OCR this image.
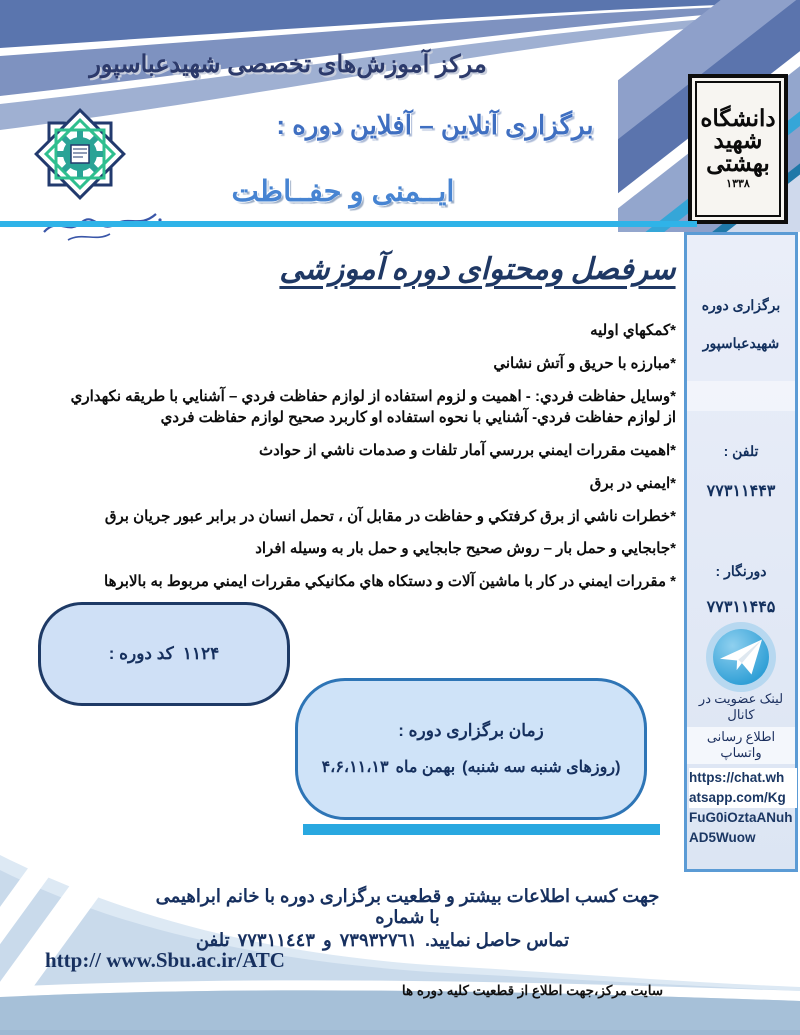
دانشگاه
شهید
بهشتی
۱۳۳۸
مرکز آموزش‌های تخصصی شهیدعباسپور
برگزاری آنلاین – آفلاین دوره :
ایــمنی و حفــاظت
سرفصل ومحتوای دوره آموزشی
*کمکهاي اوليه
*مبارزه با حريق و آتش نشاني
*وسايل حفاظت فردي: - اهميت و لزوم استفاده از لوازم حفاظت فردي – آشنايي با طريقه نکهداري از لوازم حفاظت فردي- آشنايي با نحوه استفاده او کاربرد صحيح لوازم حفاظت فردي
*اهميت مقررات ايمني بررسي آمار تلفات و صدمات ناشي از حوادث
*ايمني در برق
*خطرات ناشي از برق کرفتکي و حفاظت در مقابل آن ، تحمل انسان در برابر عبور جريان برق
*جابجايي و حمل بار – روش صحيح جابجايي و حمل بار به وسيله افراد
* مقررات ايمني در کار با ماشين آلات و دستکاه هاي مکانيکي مقررات ايمني مربوط به بالابرها
کد دوره : ۱۱۲۴
زمان برگزاری دوره :
۴،۶،۱۱،۱۳ بهمن ماه (روزهای شنبه سه شنبه)
جهت کسب اطلاعات بیشتر و قطعیت برگزاری دوره با خانم ابراهیمی با شماره
تلفن ٧٧٣١١٤٤٣ و ٧٣٩٣٢٧٦١ تماس حاصل نمایید.
http:// www.Sbu.ac.ir/ATC
سایت مرکز،جهت اطلاع از قطعیت کلیه دوره ها
برگزاری دوره
شهیدعباسپور
تلفن :
۷۷۳۱۱۴۴۳
دورنگار :
۷۷۳۱۱۴۴۵
لینک عضویت در
کانال
اطلاع رسانی
واتساپ
https://chat.wh
atsapp.com/Kg
FuG0iOztaANuh
AD5Wuow
